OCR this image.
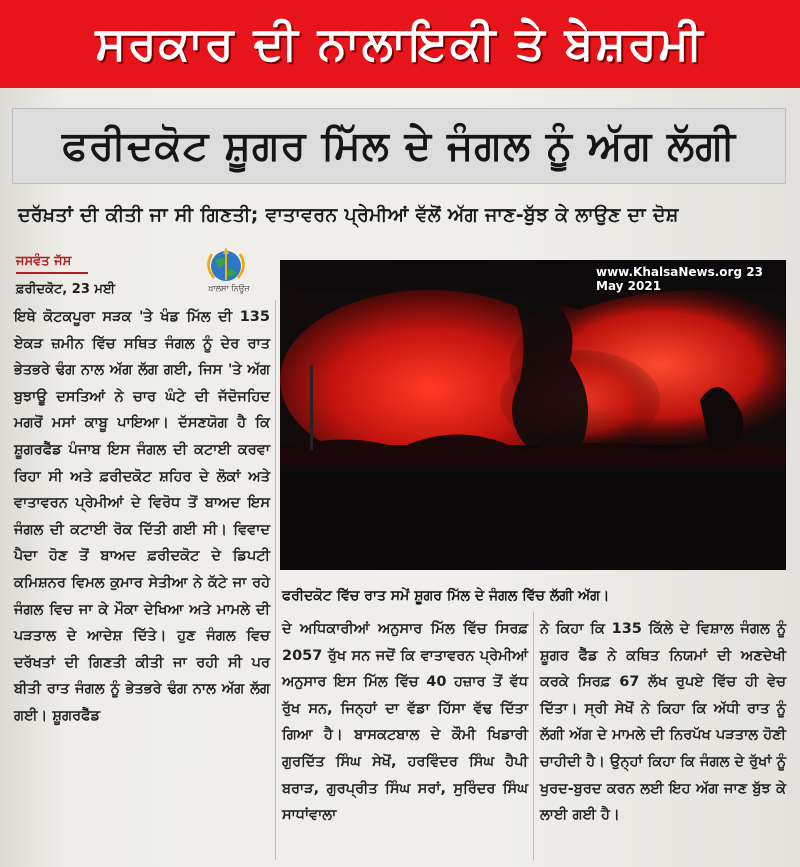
ਸਰਕਾਰ ਦੀ ਨਾਲਾਇਕੀ ਤੇ ਬੇਸ਼ਰਮੀ
ਫਰੀਦਕੋਟ ਸ਼ੂਗਰ ਮਿੱਲ ਦੇ ਜੰਗਲ ਨੂੰ ਅੱਗ ਲੱਗੀ
ਦਰੱਖ਼ਤਾਂ ਦੀ ਕੀਤੀ ਜਾ ਸੀ ਗਿਣਤੀ; ਵਾਤਾਵਰਨ ਪ੍ਰੇਮੀਆਂ ਵੱਲੋਂ ਅੱਗ ਜਾਣ-ਬੁੱਝ ਕੇ ਲਾਉਣ ਦਾ ਦੋਸ਼
ਜਸਵੰਤ ਜੱਸ
ਫ਼ਰੀਦਕੋਟ, 23 ਮਈ	ਖ਼ਾਲਸਾ ਨਿਊਜ਼
www.KhalsaNews.org 23 May 2021
ਫਰੀਦਕੋਟ ਵਿੱਚ ਰਾਤ ਸਮੇਂ ਸ਼ੂਗਰ ਮਿੱਲ ਦੇ ਜੰਗਲ ਵਿੱਚ ਲੱਗੀ ਅੱਗ।
ਇਥੇ ਕੋਟਕਪੂਰਾ ਸੜਕ 'ਤੇ ਖੰਡ ਮਿੱਲ ਦੀ 135 ਏਕੜ ਜ਼ਮੀਨ ਵਿੱਚ ਸਥਿਤ ਜੰਗਲ ਨੂੰ ਦੇਰ ਰਾਤ ਭੇਤਭਰੇ ਢੰਗ ਨਾਲ ਅੱਗ ਲੱਗ ਗਈ, ਜਿਸ 'ਤੇ ਅੱਗ ਬੁਝਾਊ ਦਸਤਿਆਂ ਨੇ ਚਾਰ ਘੰਟੇ ਦੀ ਜੱਦੋਜਹਿਦ ਮਗਰੋਂ ਮਸਾਂ ਕਾਬੂ ਪਾਇਆ। ਦੱਸਣਯੋਗ ਹੈ ਕਿ ਸ਼ੂਗਰਫੈੱਡ ਪੰਜਾਬ ਇਸ ਜੰਗਲ ਦੀ ਕਟਾਈ ਕਰਵਾ ਰਿਹਾ ਸੀ ਅਤੇ ਫ਼ਰੀਦਕੋਟ ਸ਼ਹਿਰ ਦੇ ਲੋਕਾਂ ਅਤੇ ਵਾਤਾਵਰਨ ਪ੍ਰੇਮੀਆਂ ਦੇ ਵਿਰੋਧ ਤੋਂ ਬਾਅਦ ਇਸ ਜੰਗਲ ਦੀ ਕਟਾਈ ਰੋਕ ਦਿੱਤੀ ਗਈ ਸੀ। ਵਿਵਾਦ ਪੈਦਾ ਹੋਣ ਤੋਂ ਬਾਅਦ ਫ਼ਰੀਦਕੋਟ ਦੇ ਡਿਪਟੀ ਕਮਿਸ਼ਨਰ ਵਿਮਲ ਕੁਮਾਰ ਸੇਤੀਆ ਨੇ ਕੱਟੇ ਜਾ ਰਹੇ ਜੰਗਲ ਵਿਚ ਜਾ ਕੇ ਮੌਕਾ ਦੇਖਿਆ ਅਤੇ ਮਾਮਲੇ ਦੀ ਪੜਤਾਲ ਦੇ ਆਦੇਸ਼ ਦਿੱਤੇ। ਹੁਣ ਜੰਗਲ ਵਿਚ ਦਰੱਖਤਾਂ ਦੀ ਗਿਣਤੀ ਕੀਤੀ ਜਾ ਰਹੀ ਸੀ ਪਰ ਬੀਤੀ ਰਾਤ ਜੰਗਲ ਨੂੰ ਭੇਤਭਰੇ ਢੰਗ ਨਾਲ ਅੱਗ ਲੱਗ ਗਈ। ਸ਼ੂਗਰਫੈੱਡ
ਦੇ ਅਧਿਕਾਰੀਆਂ ਅਨੁਸਾਰ ਮਿੱਲ ਵਿੱਚ ਸਿਰਫ਼ 2057 ਰੁੱਖ ਸਨ ਜਦੋਂ ਕਿ ਵਾਤਾਵਰਨ ਪ੍ਰੇਮੀਆਂ ਅਨੁਸਾਰ ਇਸ ਮਿੱਲ ਵਿੱਚ 40 ਹਜ਼ਾਰ ਤੋਂ ਵੱਧ ਰੁੱਖ ਸਨ, ਜਿਨ੍ਹਾਂ ਦਾ ਵੱਡਾ ਹਿੱਸਾ ਵੱਢ ਦਿੱਤਾ ਗਿਆ ਹੈ। ਬਾਸਕਟਬਾਲ ਦੇ ਕੌਮੀ ਖਿਡਾਰੀ ਗੁਰਦਿੱਤ ਸਿੰਘ ਸੇਖੋਂ, ਹਰਵਿੰਦਰ ਸਿੰਘ ਹੈਪੀ ਬਰਾੜ, ਗੁਰਪ੍ਰੀਤ ਸਿੰਘ ਸਰਾਂ, ਸੁਰਿੰਦਰ ਸਿੰਘ ਸਾਧਾਂਵਾਲਾ
ਨੇ ਕਿਹਾ ਕਿ 135 ਕਿੱਲੇ ਦੇ ਵਿਸ਼ਾਲ ਜੰਗਲ ਨੂੰ ਸ਼ੂਗਰ ਫੈੱਡ ਨੇ ਕਥਿਤ ਨਿਯਮਾਂ ਦੀ ਅਣਦੇਖੀ ਕਰਕੇ ਸਿਰਫ਼ 67 ਲੱਖ ਰੁਪਏ ਵਿੱਚ ਹੀ ਵੇਚ ਦਿੱਤਾ। ਸ੍ਰੀ ਸੇਖੋਂ ਨੇ ਕਿਹਾ ਕਿ ਅੱਧੀ ਰਾਤ ਨੂੰ ਲੱਗੀ ਅੱਗ ਦੇ ਮਾਮਲੇ ਦੀ ਨਿਰਪੱਖ ਪੜਤਾਲ ਹੋਣੀ ਚਾਹੀਦੀ ਹੈ। ਉਨ੍ਹਾਂ ਕਿਹਾ ਕਿ ਜੰਗਲ ਦੇ ਰੁੱਖਾਂ ਨੂੰ ਖੁਰਦ-ਬੁਰਦ ਕਰਨ ਲਈ ਇਹ ਅੱਗ ਜਾਣ ਬੁੱਝ ਕੇ ਲਾਈ ਗਈ ਹੈ।
